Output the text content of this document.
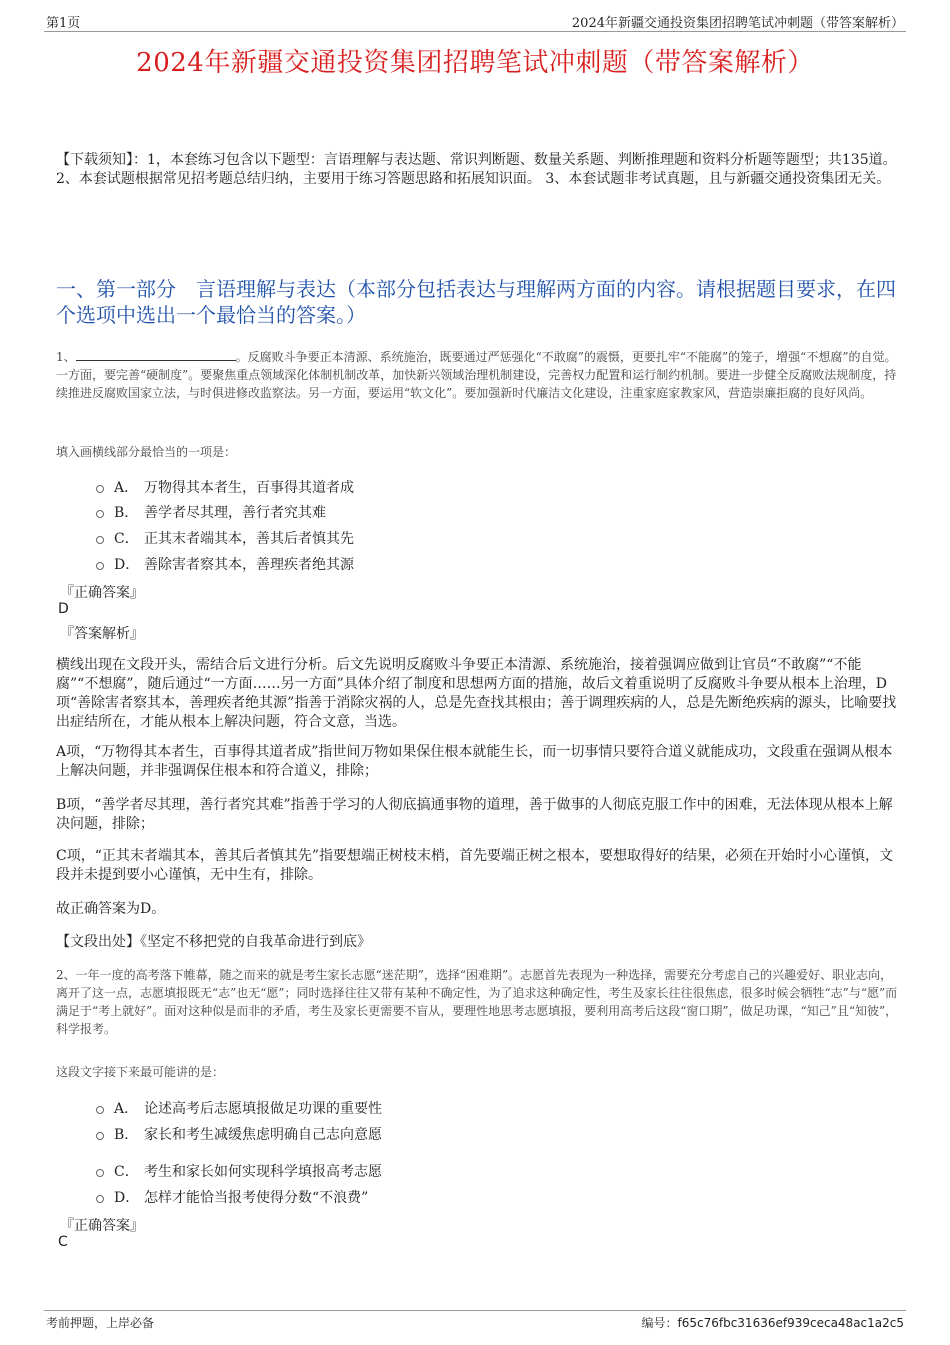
第1页	2024年新疆交通投资集团招聘笔试冲刺题（带答案解析）
2024年新疆交通投资集团招聘笔试冲刺题（带答案解析）
【下载须知】：1，本套练习包含以下题型：言语理解与表达题、常识判断题、数量关系题、判断推理题和资料分析题等题型；共135道。 2、本套试题根据常见招考题总结归纳，主要用于练习答题思路和拓展知识面。 3、本套试题非考试真题，且与新疆交通投资集团无关。
一、第一部分　言语理解与表达（本部分包括表达与理解两方面的内容。请根据题目要求，在四个选项中选出一个最恰当的答案。）
1、	。反腐败斗争要正本清源、系统施治，既要通过严惩强化“不敢腐”的震慑，更要扎牢“不能腐”的笼子，增强“不想腐”的自觉。一方面，要完善“硬制度”。要聚焦重点领域深化体制机制改革，加快新兴领域治理机制建设，完善权力配置和运行制约机制。要进一步健全反腐败法规制度，持续推进反腐败国家立法，与时俱进修改监察法。另一方面，要运用“软文化”。要加强新时代廉洁文化建设，注重家庭家教家风，营造崇廉拒腐的良好风尚。
填入画横线部分最恰当的一项是：
A． 万物得其本者生，百事得其道者成
B． 善学者尽其理，善行者究其难
C． 正其末者端其本，善其后者慎其先
D． 善除害者察其本，善理疾者绝其源
『正确答案』
D
『答案解析』
横线出现在文段开头，需结合后文进行分析。后文先说明反腐败斗争要正本清源、系统施治，接着强调应做到让官员“不敢腐”“不能腐”“不想腐”，随后通过“一方面……另一方面”具体介绍了制度和思想两方面的措施，故后文着重说明了反腐败斗争要从根本上治理，D项“善除害者察其本，善理疾者绝其源”指善于消除灾祸的人，总是先查找其根由；善于调理疾病的人，总是先断绝疾病的源头，比喻要找出症结所在，才能从根本上解决问题，符合文意，当选。
A项，“万物得其本者生，百事得其道者成”指世间万物如果保住根本就能生长，而一切事情只要符合道义就能成功，文段重在强调从根本上解决问题，并非强调保住根本和符合道义，排除；
B项，“善学者尽其理，善行者究其难”指善于学习的人彻底搞通事物的道理，善于做事的人彻底克服工作中的困难，无法体现从根本上解决问题，排除；
C项，“正其末者端其本，善其后者慎其先”指要想端正树枝末梢，首先要端正树之根本，要想取得好的结果，必须在开始时小心谨慎，文段并未提到要小心谨慎，无中生有，排除。
故正确答案为D。
【文段出处】《坚定不移把党的自我革命进行到底》
2、一年一度的高考落下帷幕，随之而来的就是考生家长志愿“迷茫期”，选择“困难期”。志愿首先表现为一种选择，需要充分考虑自己的兴趣爱好、职业志向，离开了这一点，志愿填报既无“志”也无“愿”；同时选择往往又带有某种不确定性，为了追求这种确定性，考生及家长往往很焦虑，很多时候会牺牲“志”与“愿”而满足于“考上就好”。面对这种似是而非的矛盾，考生及家长更需要不盲从，要理性地思考志愿填报，要利用高考后这段“窗口期”，做足功课，“知己”且“知彼”，科学报考。
这段文字接下来最可能讲的是：
A． 论述高考后志愿填报做足功课的重要性
B． 家长和考生减缓焦虑明确自己志向意愿
C． 考生和家长如何实现科学填报高考志愿
D． 怎样才能恰当报考使得分数“不浪费”
『正确答案』
C
考前押题，上岸必备	编号：f65c76fbc31636ef939ceca48ac1a2c5
